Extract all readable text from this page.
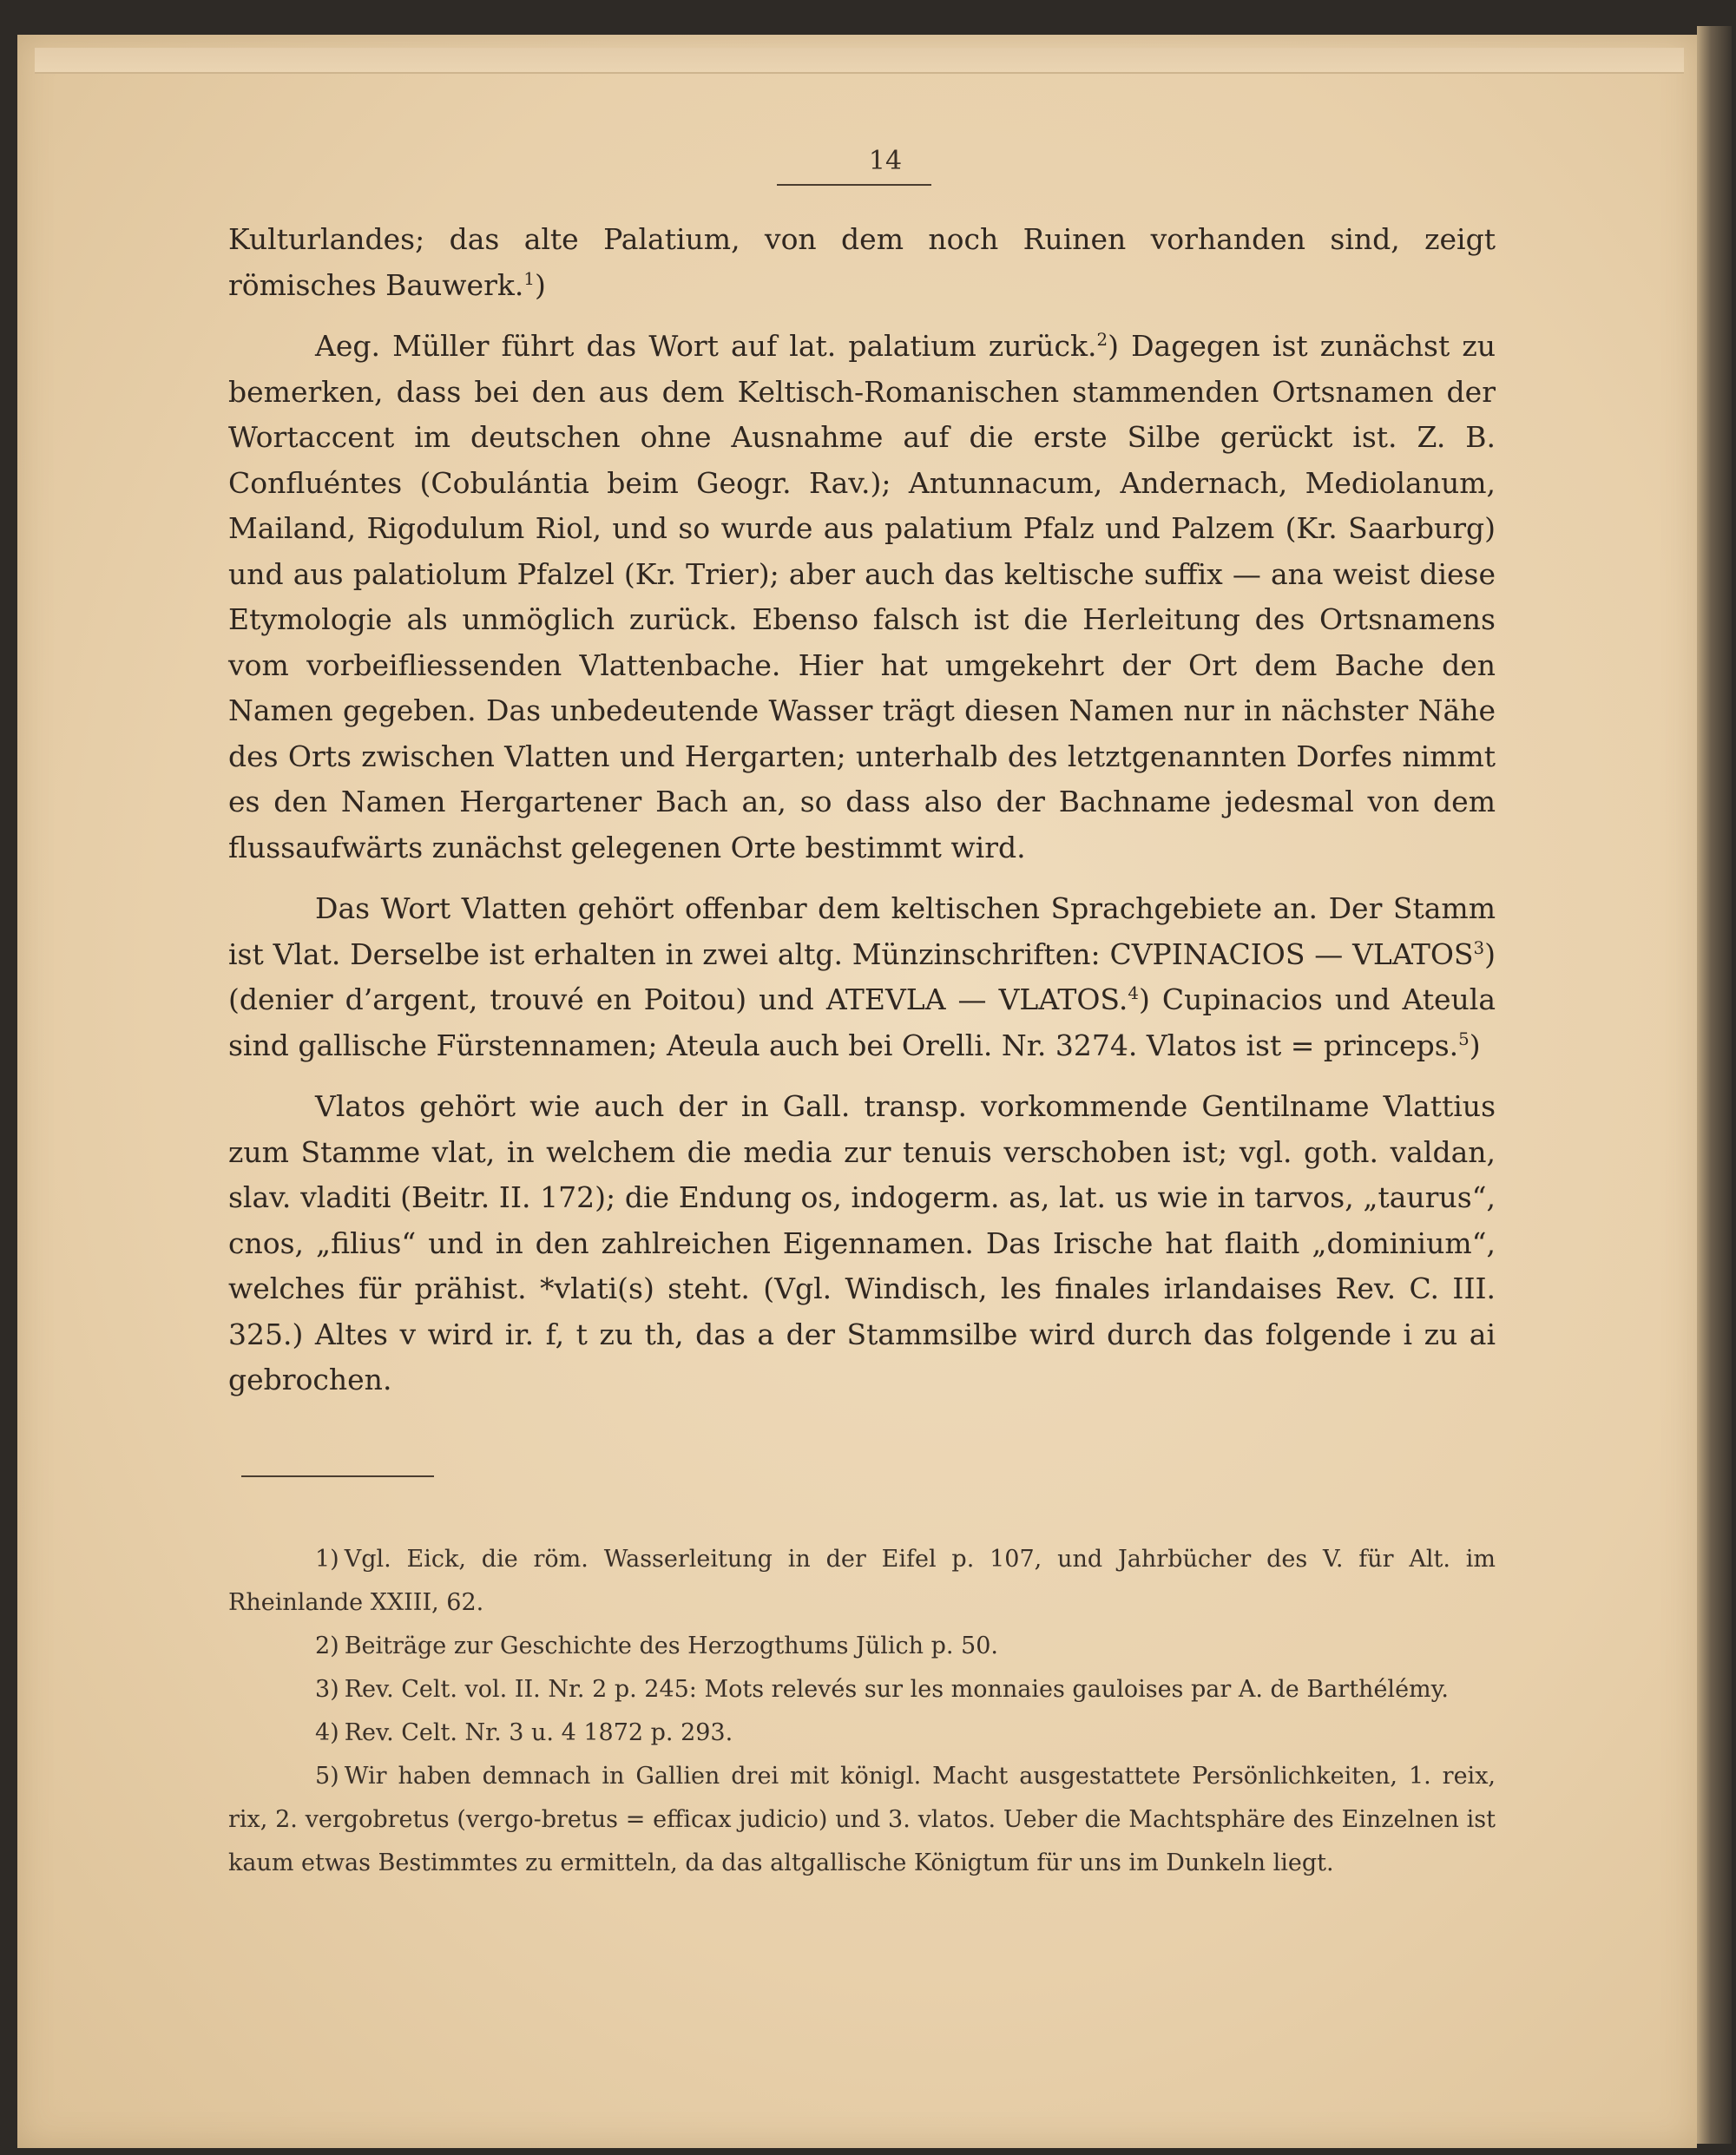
14

Kulturlandes; das alte Palatium, von dem noch Ruinen vorhanden sind, zeigt römisches Bauwerk.$^1$)

Aeg. Müller führt das Wort auf lat. palatium zurück.$^2$) Dagegen ist zunächst zu bemerken, dass bei den aus dem Keltisch-Romanischen stammenden Ortsnamen der Wortaccent im deutschen ohne Ausnahme auf die erste Silbe gerückt ist. Z. B. Confluéntes (Cobulántia beim Geogr. Rav.); Antunnacum, Andernach, Mediolanum, Mailand, Rigodulum Riol, und so wurde aus palatium Pfalz und Palzem (Kr. Saarburg) und aus palatiolum Pfalzel (Kr. Trier); aber auch das keltische suffix — ana weist diese Etymologie als unmöglich zurück. Ebenso falsch ist die Herleitung des Ortsnamens vom vorbeifliessenden Vlattenbache. Hier hat umgekehrt der Ort dem Bache den Namen gegeben. Das unbedeutende Wasser trägt diesen Namen nur in nächster Nähe des Orts zwischen Vlatten und Hergarten; unterhalb des letztgenannten Dorfes nimmt es den Namen Hergartener Bach an, so dass also der Bachname jedesmal von dem flussaufwärts zunächst gelegenen Orte bestimmt wird.

Das Wort Vlatten gehört offenbar dem keltischen Sprachgebiete an. Der Stamm ist Vlat. Derselbe ist erhalten in zwei altg. Münzinschriften: CVPINACIOS — VLATOS$^3$) (denier d’argent, trouvé en Poitou) und ATEVLA — VLATOS.$^4$) Cupinacios und Ateula sind gallische Fürstennamen; Ateula auch bei Orelli. Nr. 3274. Vlatos ist = princeps.$^5$)

Vlatos gehört wie auch der in Gall. transp. vorkommende Gentilname Vlattius zum Stamme vlat, in welchem die media zur tenuis verschoben ist; vgl. goth. valdan, slav. vladiti (Beitr. II. 172); die Endung os, indogerm. as, lat. us wie in tarvos, „taurus“, cnos, „filius“ und in den zahlreichen Eigennamen. Das Irische hat flaith „dominium“, welches für prähist. *vlati(s) steht. (Vgl. Windisch, les finales irlandaises Rev. C. III. 325.) Altes v wird ir. f, t zu th, das a der Stammsilbe wird durch das folgende i zu ai gebrochen.

1) Vgl. Eick, die röm. Wasserleitung in der Eifel p. 107, und Jahrbücher des V. für Alt. im Rheinlande XXIII, 62.

2) Beiträge zur Geschichte des Herzogthums Jülich p. 50.

3) Rev. Celt. vol. II. Nr. 2 p. 245: Mots relevés sur les monnaies gauloises par A. de Barthélémy.

4) Rev. Celt. Nr. 3 u. 4 1872 p. 293.

5) Wir haben demnach in Gallien drei mit königl. Macht ausgestattete Persönlichkeiten, 1. reix, rix, 2. vergobretus (vergo-bretus = efficax judicio) und 3. vlatos. Ueber die Machtsphäre des Einzelnen ist kaum etwas Bestimmtes zu ermitteln, da das altgallische Königtum für uns im Dunkeln liegt.
